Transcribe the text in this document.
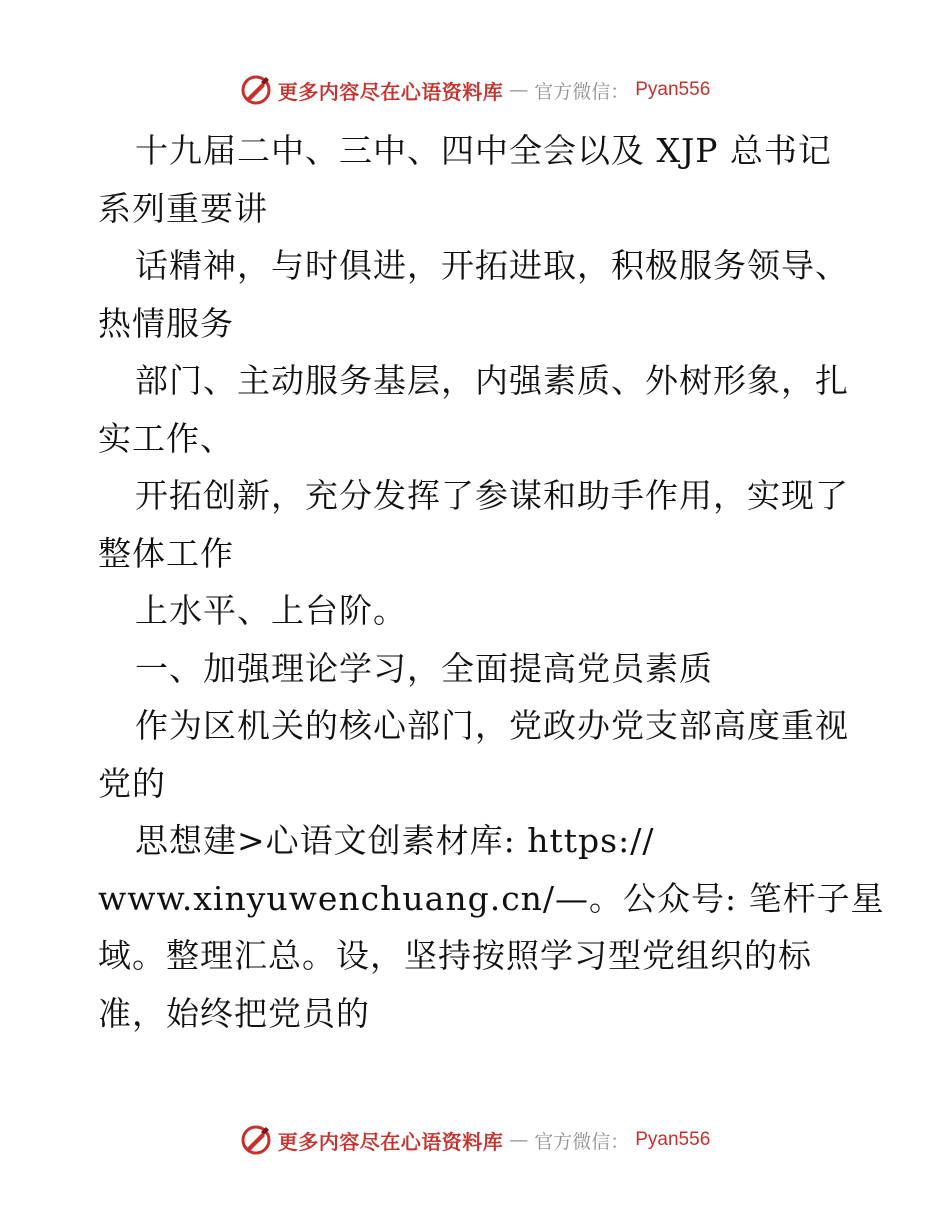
更多内容尽在心语资料库 — 官方微信： Pyan556
十九届二中、三中、四中全会以及 XJP 总书记
系列重要讲
话精神，与时俱进，开拓进取，积极服务领导、
热情服务
部门、主动服务基层，内强素质、外树形象，扎
实工作、
开拓创新，充分发挥了参谋和助手作用，实现了
整体工作
上水平、上台阶。
一、加强理论学习，全面提高党员素质
作为区机关的核心部门，党政办党支部高度重视
党的
思想建>心语文创素材库: https://
www.xinyuwenchuang.cn/—。公众号: 笔杆子星
域。整理汇总。设，坚持按照学习型党组织的标
准，始终把党员的
更多内容尽在心语资料库 — 官方微信： Pyan556
